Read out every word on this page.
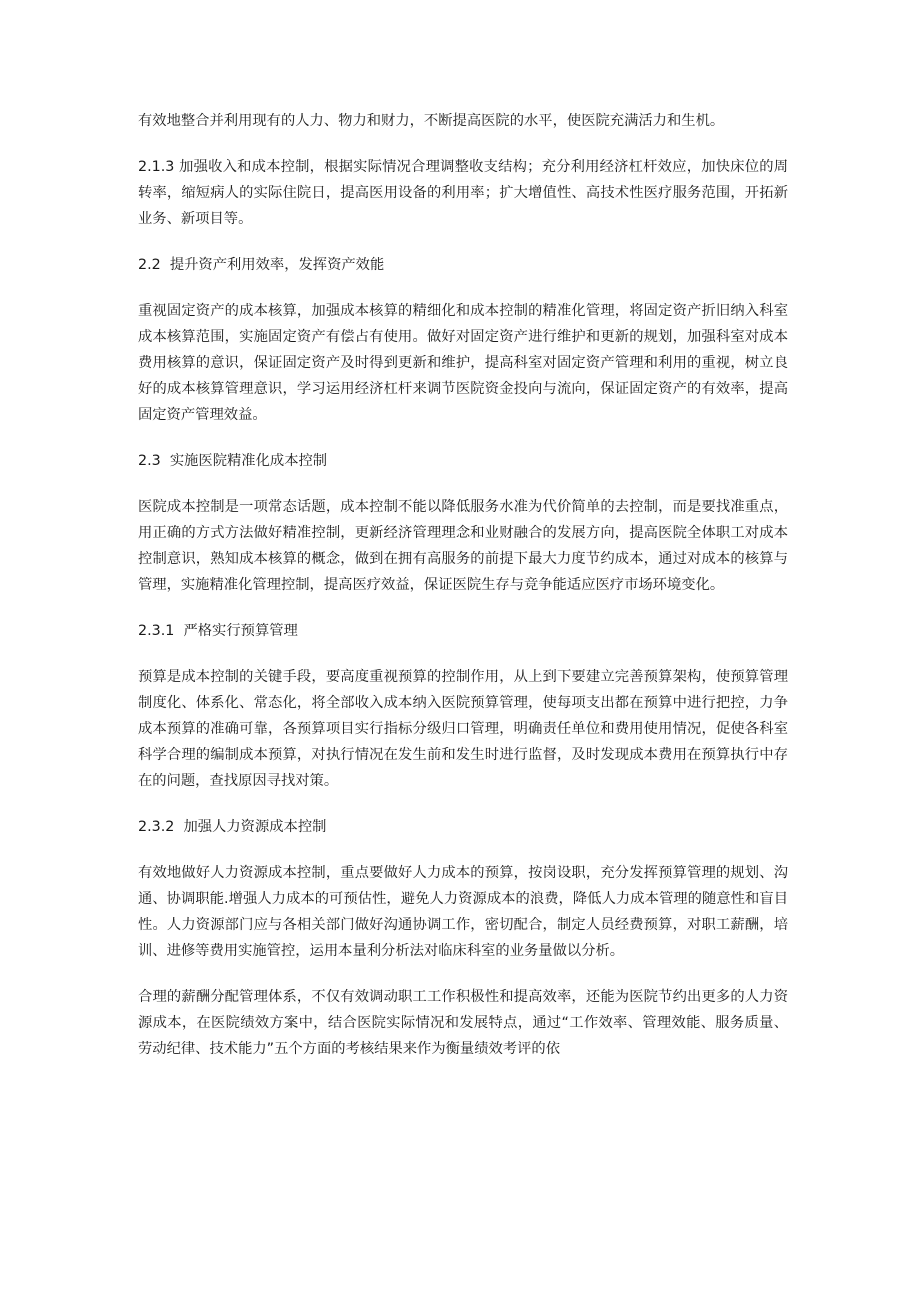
有效地整合并利用现有的人力、物力和财力，不断提高医院的水平，使医院充满活力和生机。

2.1.3 加强收入和成本控制，根据实际情况合理调整收支结构；充分利用经济杠杆效应，加快床位的周转率，缩短病人的实际住院日，提高医用设备的利用率；扩大增值性、高技术性医疗服务范围，开拓新业务、新项目等。

2.2  提升资产利用效率，发挥资产效能

重视固定资产的成本核算，加强成本核算的精细化和成本控制的精准化管理，将固定资产折旧纳入科室成本核算范围，实施固定资产有偿占有使用。做好对固定资产进行维护和更新的规划，加强科室对成本费用核算的意识，保证固定资产及时得到更新和维护，提高科室对固定资产管理和利用的重视，树立良好的成本核算管理意识，学习运用经济杠杆来调节医院资金投向与流向，保证固定资产的有效率，提高固定资产管理效益。

2.3  实施医院精准化成本控制

医院成本控制是一项常态话题，成本控制不能以降低服务水准为代价简单的去控制，而是要找准重点，用正确的方式方法做好精准控制，更新经济管理理念和业财融合的发展方向，提高医院全体职工对成本控制意识，熟知成本核算的概念，做到在拥有高服务的前提下最大力度节约成本，通过对成本的核算与管理，实施精准化管理控制，提高医疗效益，保证医院生存与竞争能适应医疗市场环境变化。

2.3.1  严格实行预算管理

预算是成本控制的关键手段，要高度重视预算的控制作用，从上到下要建立完善预算架构，使预算管理制度化、体系化、常态化，将全部收入成本纳入医院预算管理，使每项支出都在预算中进行把控，力争成本预算的准确可靠，各预算项目实行指标分级归口管理，明确责任单位和费用使用情况，促使各科室科学合理的编制成本预算，对执行情况在发生前和发生时进行监督，及时发现成本费用在预算执行中存在的问题，查找原因寻找对策。

2.3.2  加强人力资源成本控制

有效地做好人力资源成本控制，重点要做好人力成本的预算，按岗设职，充分发挥预算管理的规划、沟通、协调职能.增强人力成本的可预估性，避免人力资源成本的浪费，降低人力成本管理的随意性和盲目性。人力资源部门应与各相关部门做好沟通协调工作，密切配合，制定人员经费预算，对职工薪酬，培训、进修等费用实施管控，运用本量利分析法对临床科室的业务量做以分析。

合理的薪酬分配管理体系，不仅有效调动职工工作积极性和提高效率，还能为医院节约出更多的人力资源成本，在医院绩效方案中，结合医院实际情况和发展特点，通过“工作效率、管理效能、服务质量、劳动纪律、技术能力”五个方面的考核结果来作为衡量绩效考评的依
